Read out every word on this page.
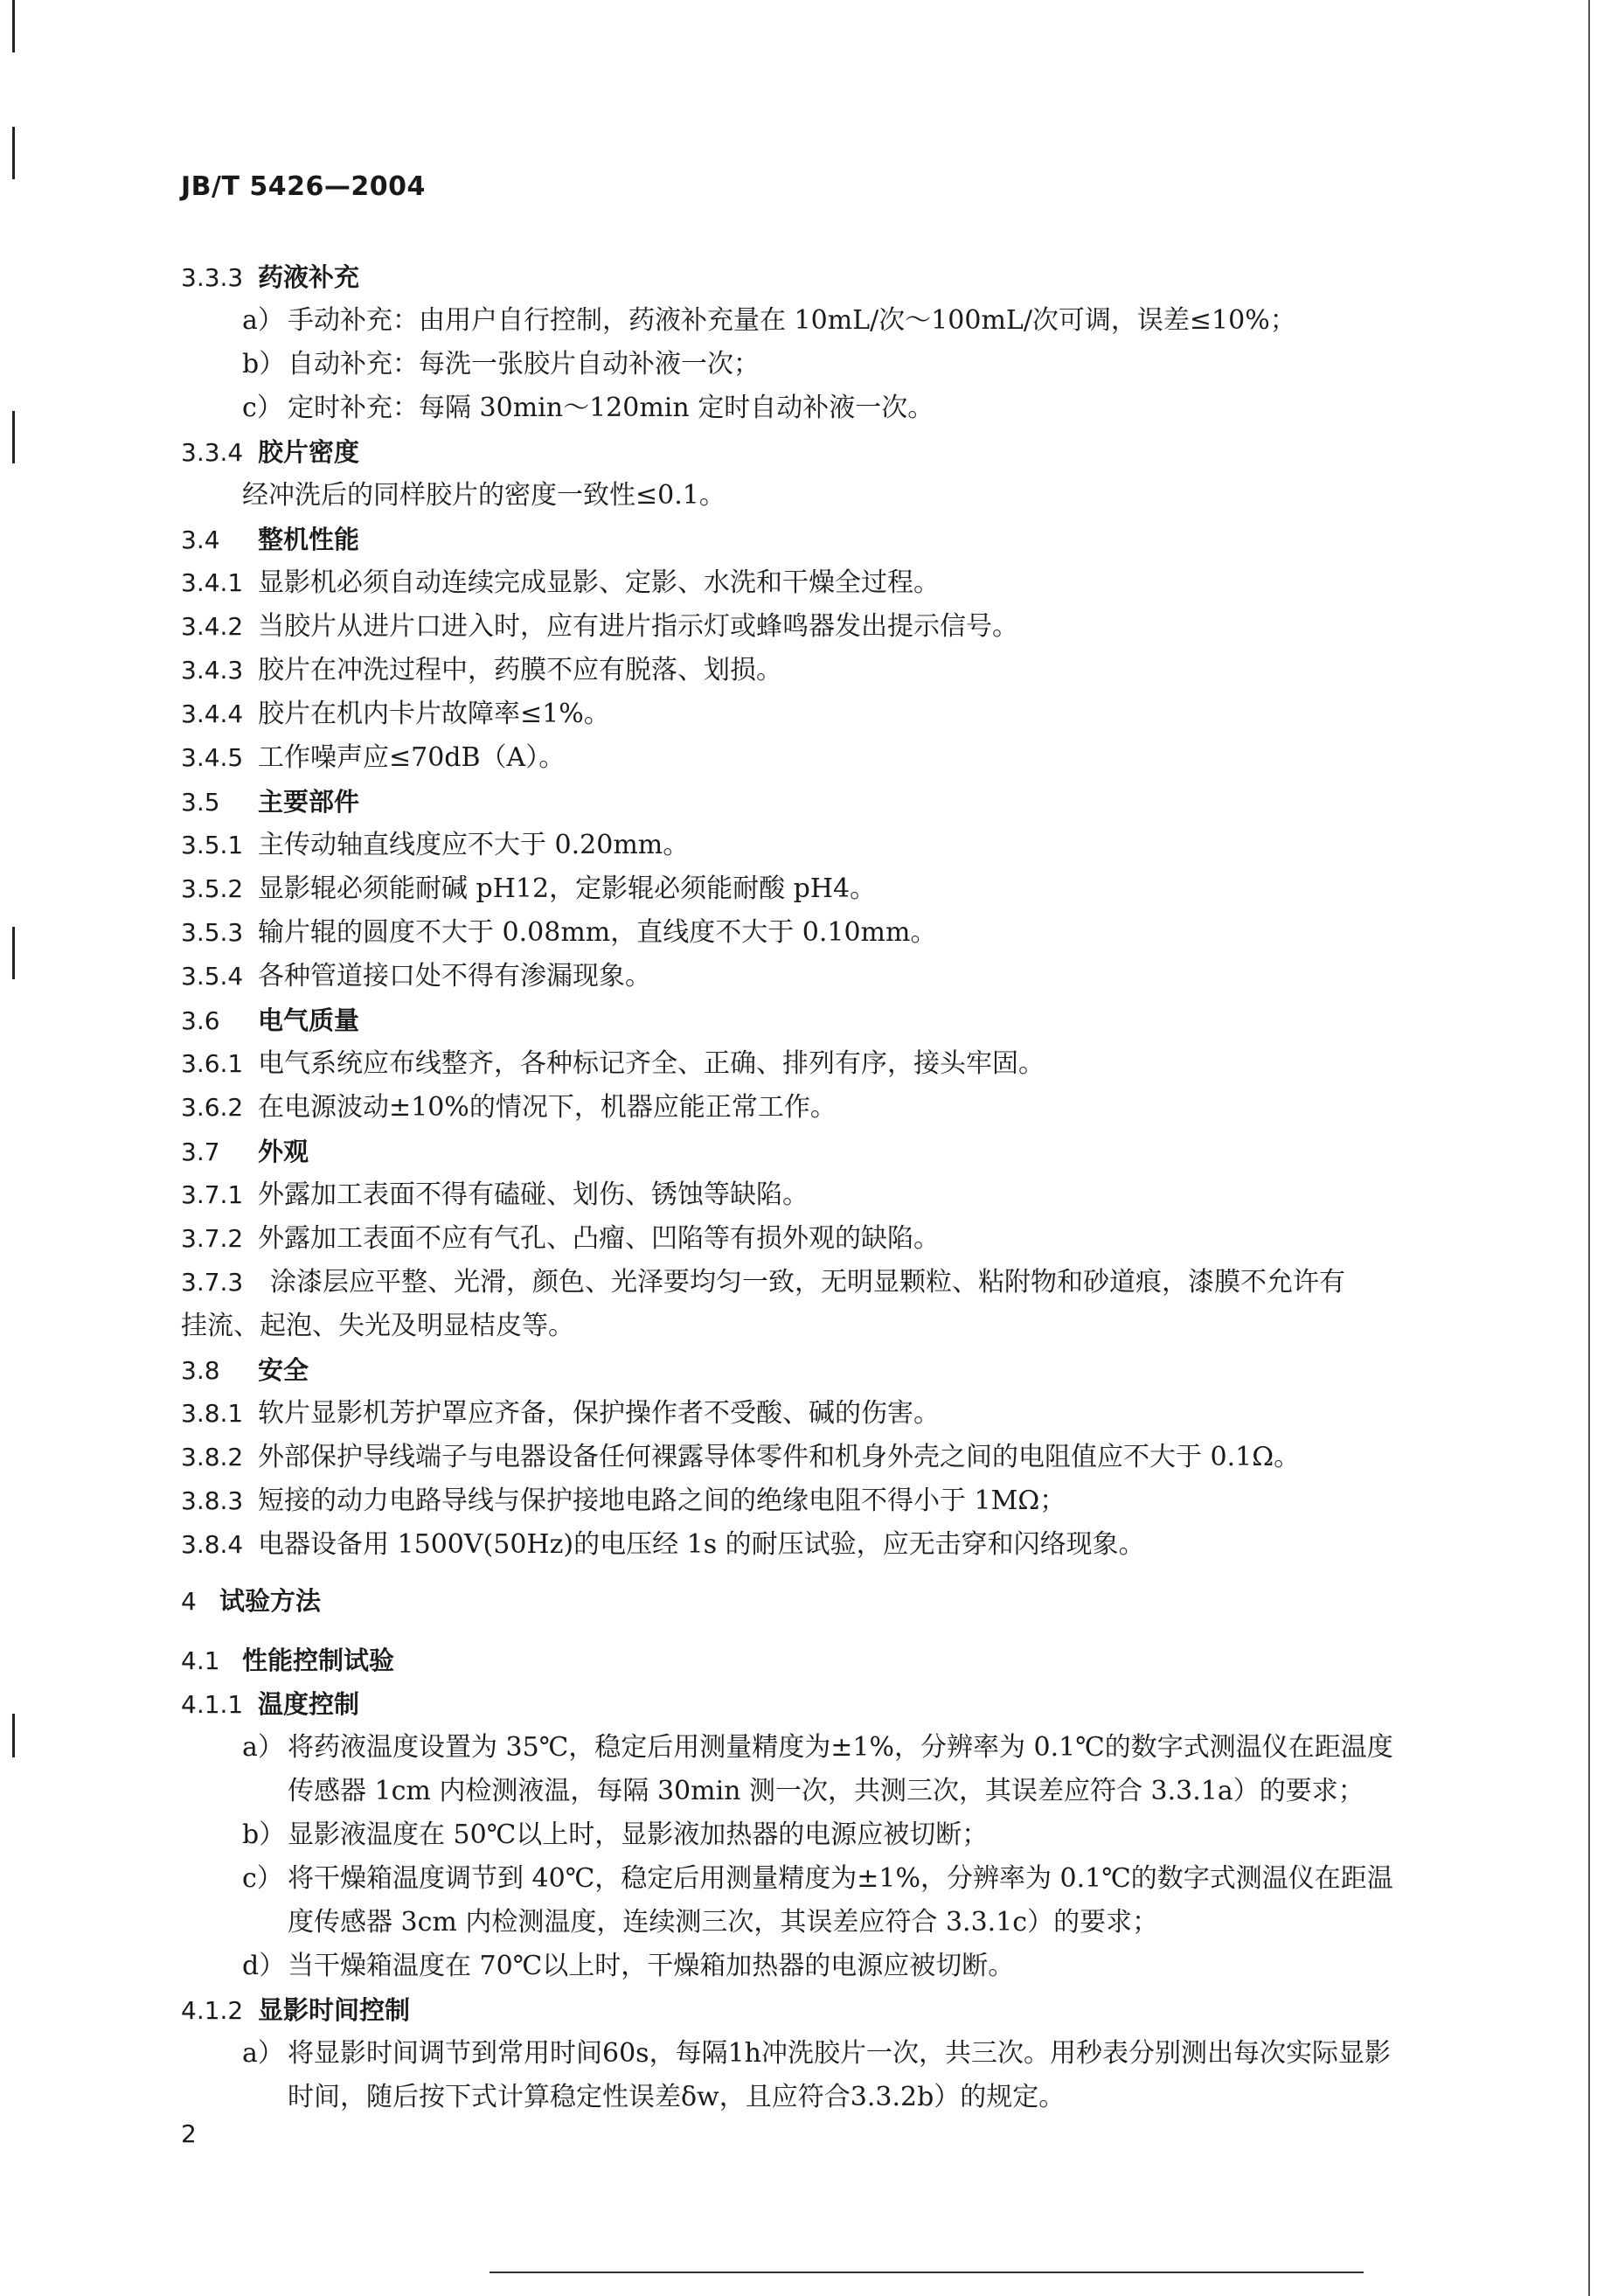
JB/T 5426—2004
3.3.3 药液补充
a） 手动补充：由用户自行控制，药液补充量在 10mL/次～100mL/次可调，误差≤10%；
b）自动补充：每洗一张胶片自动补液一次；
c） 定时补充：每隔 30min～120min 定时自动补液一次。
3.3.4 胶片密度
经冲洗后的同样胶片的密度一致性≤0.1。
3.4 整机性能
3.4.1 显影机必须自动连续完成显影、定影、水洗和干燥全过程。
3.4.2 当胶片从进片口进入时，应有进片指示灯或蜂鸣器发出提示信号。
3.4.3 胶片在冲洗过程中，药膜不应有脱落、划损。
3.4.4 胶片在机内卡片故障率≤1%。
3.4.5 工作噪声应≤70dB（A）。
3.5 主要部件
3.5.1 主传动轴直线度应不大于 0.20mm。
3.5.2 显影辊必须能耐碱 pH12，定影辊必须能耐酸 pH4。
3.5.3 输片辊的圆度不大于 0.08mm，直线度不大于 0.10mm。
3.5.4 各种管道接口处不得有渗漏现象。
3.6 电气质量
3.6.1 电气系统应布线整齐，各种标记齐全、正确、排列有序，接头牢固。
3.6.2 在电源波动±10%的情况下，机器应能正常工作。
3.7 外观
3.7.1 外露加工表面不得有磕碰、划伤、锈蚀等缺陷。
3.7.2 外露加工表面不应有气孔、凸瘤、凹陷等有损外观的缺陷。
3.7.3 涂漆层应平整、光滑，颜色、光泽要均匀一致，无明显颗粒、粘附物和砂道痕，漆膜不允许有
挂流、起泡、失光及明显桔皮等。
3.8 安全
3.8.1 软片显影机芳护罩应齐备，保护操作者不受酸、碱的伤害。
3.8.2 外部保护导线端子与电器设备任何裸露导体零件和机身外壳之间的电阻值应不大于 0.1Ω。
3.8.3 短接的动力电路导线与保护接地电路之间的绝缘电阻不得小于 1MΩ；
3.8.4 电器设备用 1500V(50Hz)的电压经 1s 的耐压试验，应无击穿和闪络现象。
4 试验方法
4.1 性能控制试验
4.1.1 温度控制
a） 将药液温度设置为 35℃，稳定后用测量精度为±1%，分辨率为 0.1℃的数字式测温仪在距温度
传感器 1cm 内检测液温，每隔 30min 测一次，共测三次，其误差应符合 3.3.1a）的要求；
b）显影液温度在 50℃以上时，显影液加热器的电源应被切断；
c） 将干燥箱温度调节到 40℃，稳定后用测量精度为±1%，分辨率为 0.1℃的数字式测温仪在距温
度传感器 3cm 内检测温度，连续测三次，其误差应符合 3.3.1c）的要求；
d）当干燥箱温度在 70℃以上时，干燥箱加热器的电源应被切断。
4.1.2 显影时间控制
a） 将显影时间调节到常用时间60s，每隔1h冲洗胶片一次，共三次。用秒表分别测出每次实际显影
时间，随后按下式计算稳定性误差δw，且应符合3.3.2b）的规定。
2
